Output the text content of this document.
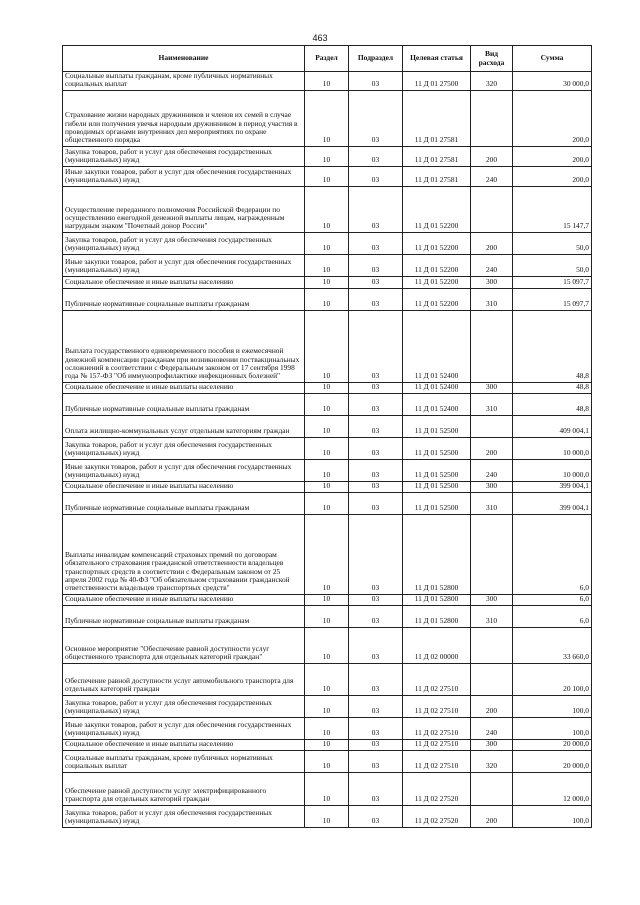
463
Наименование	Раздел	Подраздел	Целевая статья	Вид расхода	Сумма
Социальные выплаты гражданам, кроме публичных нормативных социальных выплат	10	03	11 Д 01 27500	320	30 000,0
Страхование жизни народных дружинников и членов их семей в случае гибели или получения увечья народным дружинником в период участия в проводимых органами внутренних дел мероприятиях по охране общественного порядка	10	03	11 Д 01 27581		200,0
Закупка товаров, работ и услуг для обеспечения государственных (муниципальных) нужд	10	03	11 Д 01 27581	200	200,0
Иные закупки товаров, работ и услуг для обеспечения государственных (муниципальных) нужд	10	03	11 Д 01 27581	240	200,0
Осуществление переданного полномочия Российской Федерации по осуществлению ежегодной денежной выплаты лицам, награжденным нагрудным знаком "Почетный донор России"	10	03	11 Д 01 52200		15 147,7
Закупка товаров, работ и услуг для обеспечения государственных (муниципальных) нужд	10	03	11 Д 01 52200	200	50,0
Иные закупки товаров, работ и услуг для обеспечения государственных (муниципальных) нужд	10	03	11 Д 01 52200	240	50,0
Социальное обеспечение и иные выплаты населению	10	03	11 Д 01 52200	300	15 097,7
Публичные нормативные социальные выплаты гражданам	10	03	11 Д 01 52200	310	15 097,7
Выплата государственного единовременного пособия и ежемесячной денежной компенсации гражданам при возникновении поствакцинальных осложнений в соответствии с Федеральным законом от 17 сентября 1998 года № 157-ФЗ "Об иммунопрофилактике инфекционных болезней"	10	03	11 Д 01 52400		48,8
Социальное обеспечение и иные выплаты населению	10	03	11 Д 01 52400	300	48,8
Публичные нормативные социальные выплаты гражданам	10	03	11 Д 01 52400	310	48,8
Оплата жилищно-коммунальных услуг отдельным категориям граждан	10	03	11 Д 01 52500		409 004,1
Закупка товаров, работ и услуг для обеспечения государственных (муниципальных) нужд	10	03	11 Д 01 52500	200	10 000,0
Иные закупки товаров, работ и услуг для обеспечения государственных (муниципальных) нужд	10	03	11 Д 01 52500	240	10 000,0
Социальное обеспечение и иные выплаты населению	10	03	11 Д 01 52500	300	399 004,1
Публичные нормативные социальные выплаты гражданам	10	03	11 Д 01 52500	310	399 004,1
Выплаты инвалидам компенсаций страховых премий по договорам обязательного страхования гражданской ответственности владельцев транспортных средств в соответствии с Федеральным законом от 25 апреля 2002 года № 40-ФЗ "Об обязательном страховании гражданской ответственности владельцев транспортных средств"	10	03	11 Д 01 52800		6,0
Социальное обеспечение и иные выплаты населению	10	03	11 Д 01 52800	300	6,0
Публичные нормативные социальные выплаты гражданам	10	03	11 Д 01 52800	310	6,0
Основное мероприятие "Обеспечение равной доступности услуг общественного транспорта для отдельных категорий граждан"	10	03	11 Д 02 00000		33 660,0
Обеспечение равной доступности услуг автомобильного транспорта для отдельных категорий граждан	10	03	11 Д 02 27510		20 100,0
Закупка товаров, работ и услуг для обеспечения государственных (муниципальных) нужд	10	03	11 Д 02 27510	200	100,0
Иные закупки товаров, работ и услуг для обеспечения государственных (муниципальных) нужд	10	03	11 Д 02 27510	240	100,0
Социальное обеспечение и иные выплаты населению	10	03	11 Д 02 27510	300	20 000,0
Социальные выплаты гражданам, кроме публичных нормативных социальных выплат	10	03	11 Д 02 27510	320	20 000,0
Обеспечение равной доступности услуг электрифицированного транспорта для отдельных категорий граждан	10	03	11 Д 02 27520		12 000,0
Закупка товаров, работ и услуг для обеспечения государственных (муниципальных) нужд	10	03	11 Д 02 27520	200	100,0
